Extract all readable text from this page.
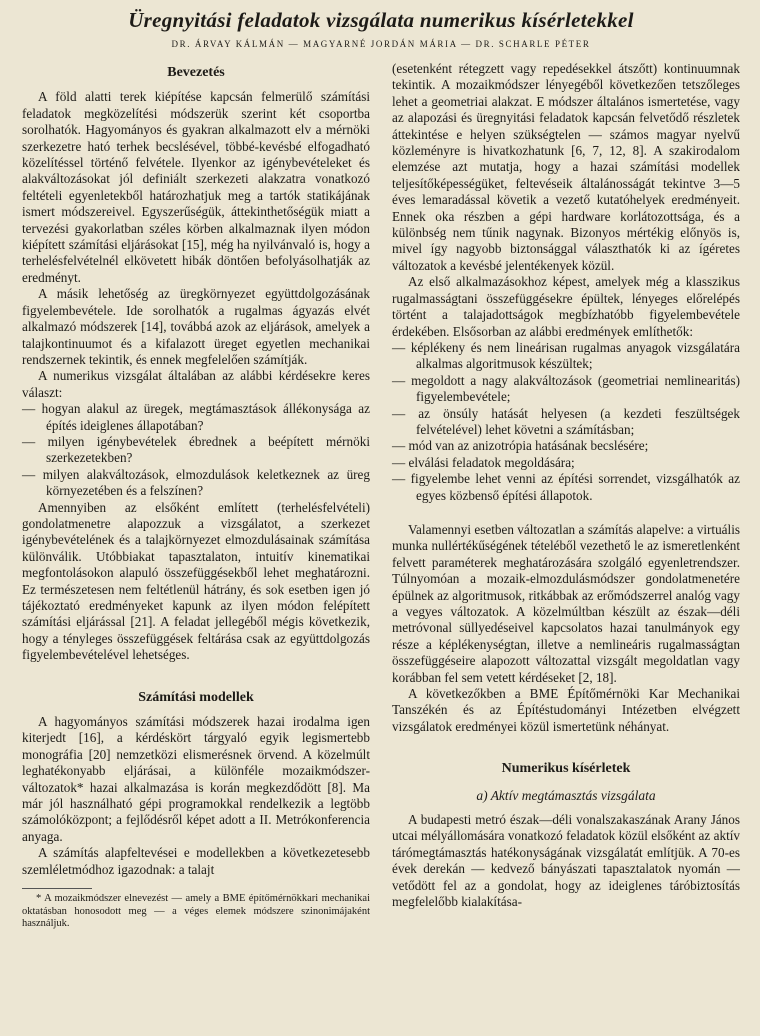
Üregnyitási feladatok vizsgálata numerikus kísérletekkel
DR. ÁRVAY KÁLMÁN — MAGYARNÉ JORDÁN MÁRIA — DR. SCHARLE PÉTER
Bevezetés

A föld alatti terek kiépítése kapcsán felmerülő számítási feladatok megközelítési módszerük szerint két csoportba sorolhatók. Hagyományos és gyakran alkalmazott elv a mérnöki szerkezetre ható terhek becslésével, többé-kevésbé elfogadható közelítéssel történő felvétele. Ilyenkor az igénybevételeket és alakváltozásokat jól definiált szerkezeti alakzatra vonatkozó feltételi egyenletekből határozhatjuk meg a tartók statikájának ismert módszereivel. Egyszerűségük, áttekinthetőségük miatt a tervezési gyakorlatban széles körben alkalmaznak ilyen módon kiépített számítási eljárásokat [15], még ha nyilvánvaló is, hogy a terhelésfelvételnél elkövetett hibák döntően befolyásolhatják az eredményt.

A másik lehetőség az üregkörnyezet együttdolgozásának figyelembevétele. Ide sorolhatók a rugalmas ágyazás elvét alkalmazó módszerek [14], továbbá azok az eljárások, amelyek a talajkontinuumot és a kifalazott üreget egyetlen mechanikai rendszernek tekintik, és ennek megfelelően számítják.

A numerikus vizsgálat általában az alábbi kérdésekre keres választ:

— hogyan alakul az üregek, megtámasztások állékonysága az építés ideiglenes állapotában?
— milyen igénybevételek ébrednek a beépített mérnöki szerkezetekben?
— milyen alakváltozások, elmozdulások keletkeznek az üreg környezetében és a felszínen?

Amennyiben az elsőként említett (terhelésfelvételi) gondolatmenetre alapozzuk a vizsgálatot, a szerkezet igénybevételének és a talajkörnyezet elmozdulásainak számítása különválik. Utóbbiakat tapasztalaton, intuitív kinematikai megfontolásokon alapuló összefüggésekből lehet meghatározni. Ez természetesen nem feltétlenül hátrány, és sok esetben igen jó tájékoztató eredményeket kapunk az ilyen módon felépített számítási eljárással [21]. A feladat jellegéből mégis következik, hogy a tényleges összefüggések feltárása csak az együttdolgozás figyelembevételével lehetséges.

Számítási modellek

A hagyományos számítási módszerek hazai irodalma igen kiterjedt [16], a kérdéskört tárgyaló egyik legismertebb monográfia [20] nemzetközi elismerésnek örvend. A közelmúlt leghatékonyabb eljárásai, a különféle mozaikmódszer-változatok* hazai alkalmazása is korán megkezdődött [8]. Ma már jól használható gépi programokkal rendelkezik a legtöbb számolóközpont; a fejlődésről képet adott a II. Metrókonferencia anyaga.

A számítás alapfeltevései e modellekben a következetesebb szemléletmódhoz igazodnak: a talajt

* A mozaikmódszer elnevezést — amely a BME építőmérnökkari mechanikai oktatásban honosodott meg — a véges elemek módszere szinonimájaként használjuk.

(esetenként rétegzett vagy repedésekkel átszőtt) kontinuumnak tekintik. A mozaikmódszer lényegéből következően tetszőleges lehet a geometriai alakzat. E módszer általános ismertetése, vagy az alapozási és üregnyitási feladatok kapcsán felvetődő részletek áttekintése e helyen szükségtelen — számos magyar nyelvű közleményre is hivatkozhatunk [6, 7, 12, 8]. A szakirodalom elemzése azt mutatja, hogy a hazai számítási modellek teljesítőképességüket, feltevéseik általánosságát tekintve 3—5 éves lemaradással követik a vezető kutatóhelyek eredményeit. Ennek oka részben a gépi hardware korlátozottsága, és a különbség nem tűnik nagynak. Bizonyos mértékig előnyös is, mivel így nagyobb biztonsággal választhatók ki az ígéretes változatok a kevésbé jelentékenyek közül.

Az első alkalmazásokhoz képest, amelyek még a klasszikus rugalmasságtani összefüggésekre épültek, lényeges előrelépés történt a talajadottságok megbízhatóbb figyelembevétele érdekében. Elsősorban az alábbi eredmények említhetők:

— képlékeny és nem lineárisan rugalmas anyagok vizsgálatára alkalmas algoritmusok készültek;
— megoldott a nagy alakváltozások (geometriai nemlinearitás) figyelembevétele;
— az önsúly hatását helyesen (a kezdeti feszültségek felvételével) lehet követni a számításban;
— mód van az anizotrópia hatásának becslésére;
— elválási feladatok megoldására;
— figyelembe lehet venni az építési sorrendet, vizsgálhatók az egyes közbenső építési állapotok.

Valamennyi esetben változatlan a számítás alapelve: a virtuális munka nullértékűségének tételéből vezethető le az ismeretlenként felvett paraméterek meghatározására szolgáló egyenletrendszer. Túlnyomóan a mozaik-elmozdulásmódszer gondolatmenetére épülnek az algoritmusok, ritkábbak az erőmódszerrel analóg vagy a vegyes változatok. A közelmúltban készült az észak—déli metróvonal süllyedéseivel kapcsolatos hazai tanulmányok egy része a képlékenységtan, illetve a nemlineáris rugalmasságtan összefüggéseire alapozott változattal vizsgált megoldatlan vagy korábban fel sem vetett kérdéseket [2, 18].

A következőkben a BME Építőmérnöki Kar Mechanikai Tanszékén és az Építéstudományi Intézetben elvégzett vizsgálatok eredményei közül ismertetünk néhányat.

Numerikus kísérletek
a) Aktív megtámasztás vizsgálata

A budapesti metró észak—déli vonalszakaszának Arany János utcai mélyállomására vonatkozó feladatok közül elsőként az aktív tárómegtámasztás hatékonyságának vizsgálatát említjük. A 70-es évek derekán — kedvező bányászati tapasztalatok nyomán — vetődött fel az a gondolat, hogy az ideiglenes táróbiztosítás megfelelőbb kialakítása-
